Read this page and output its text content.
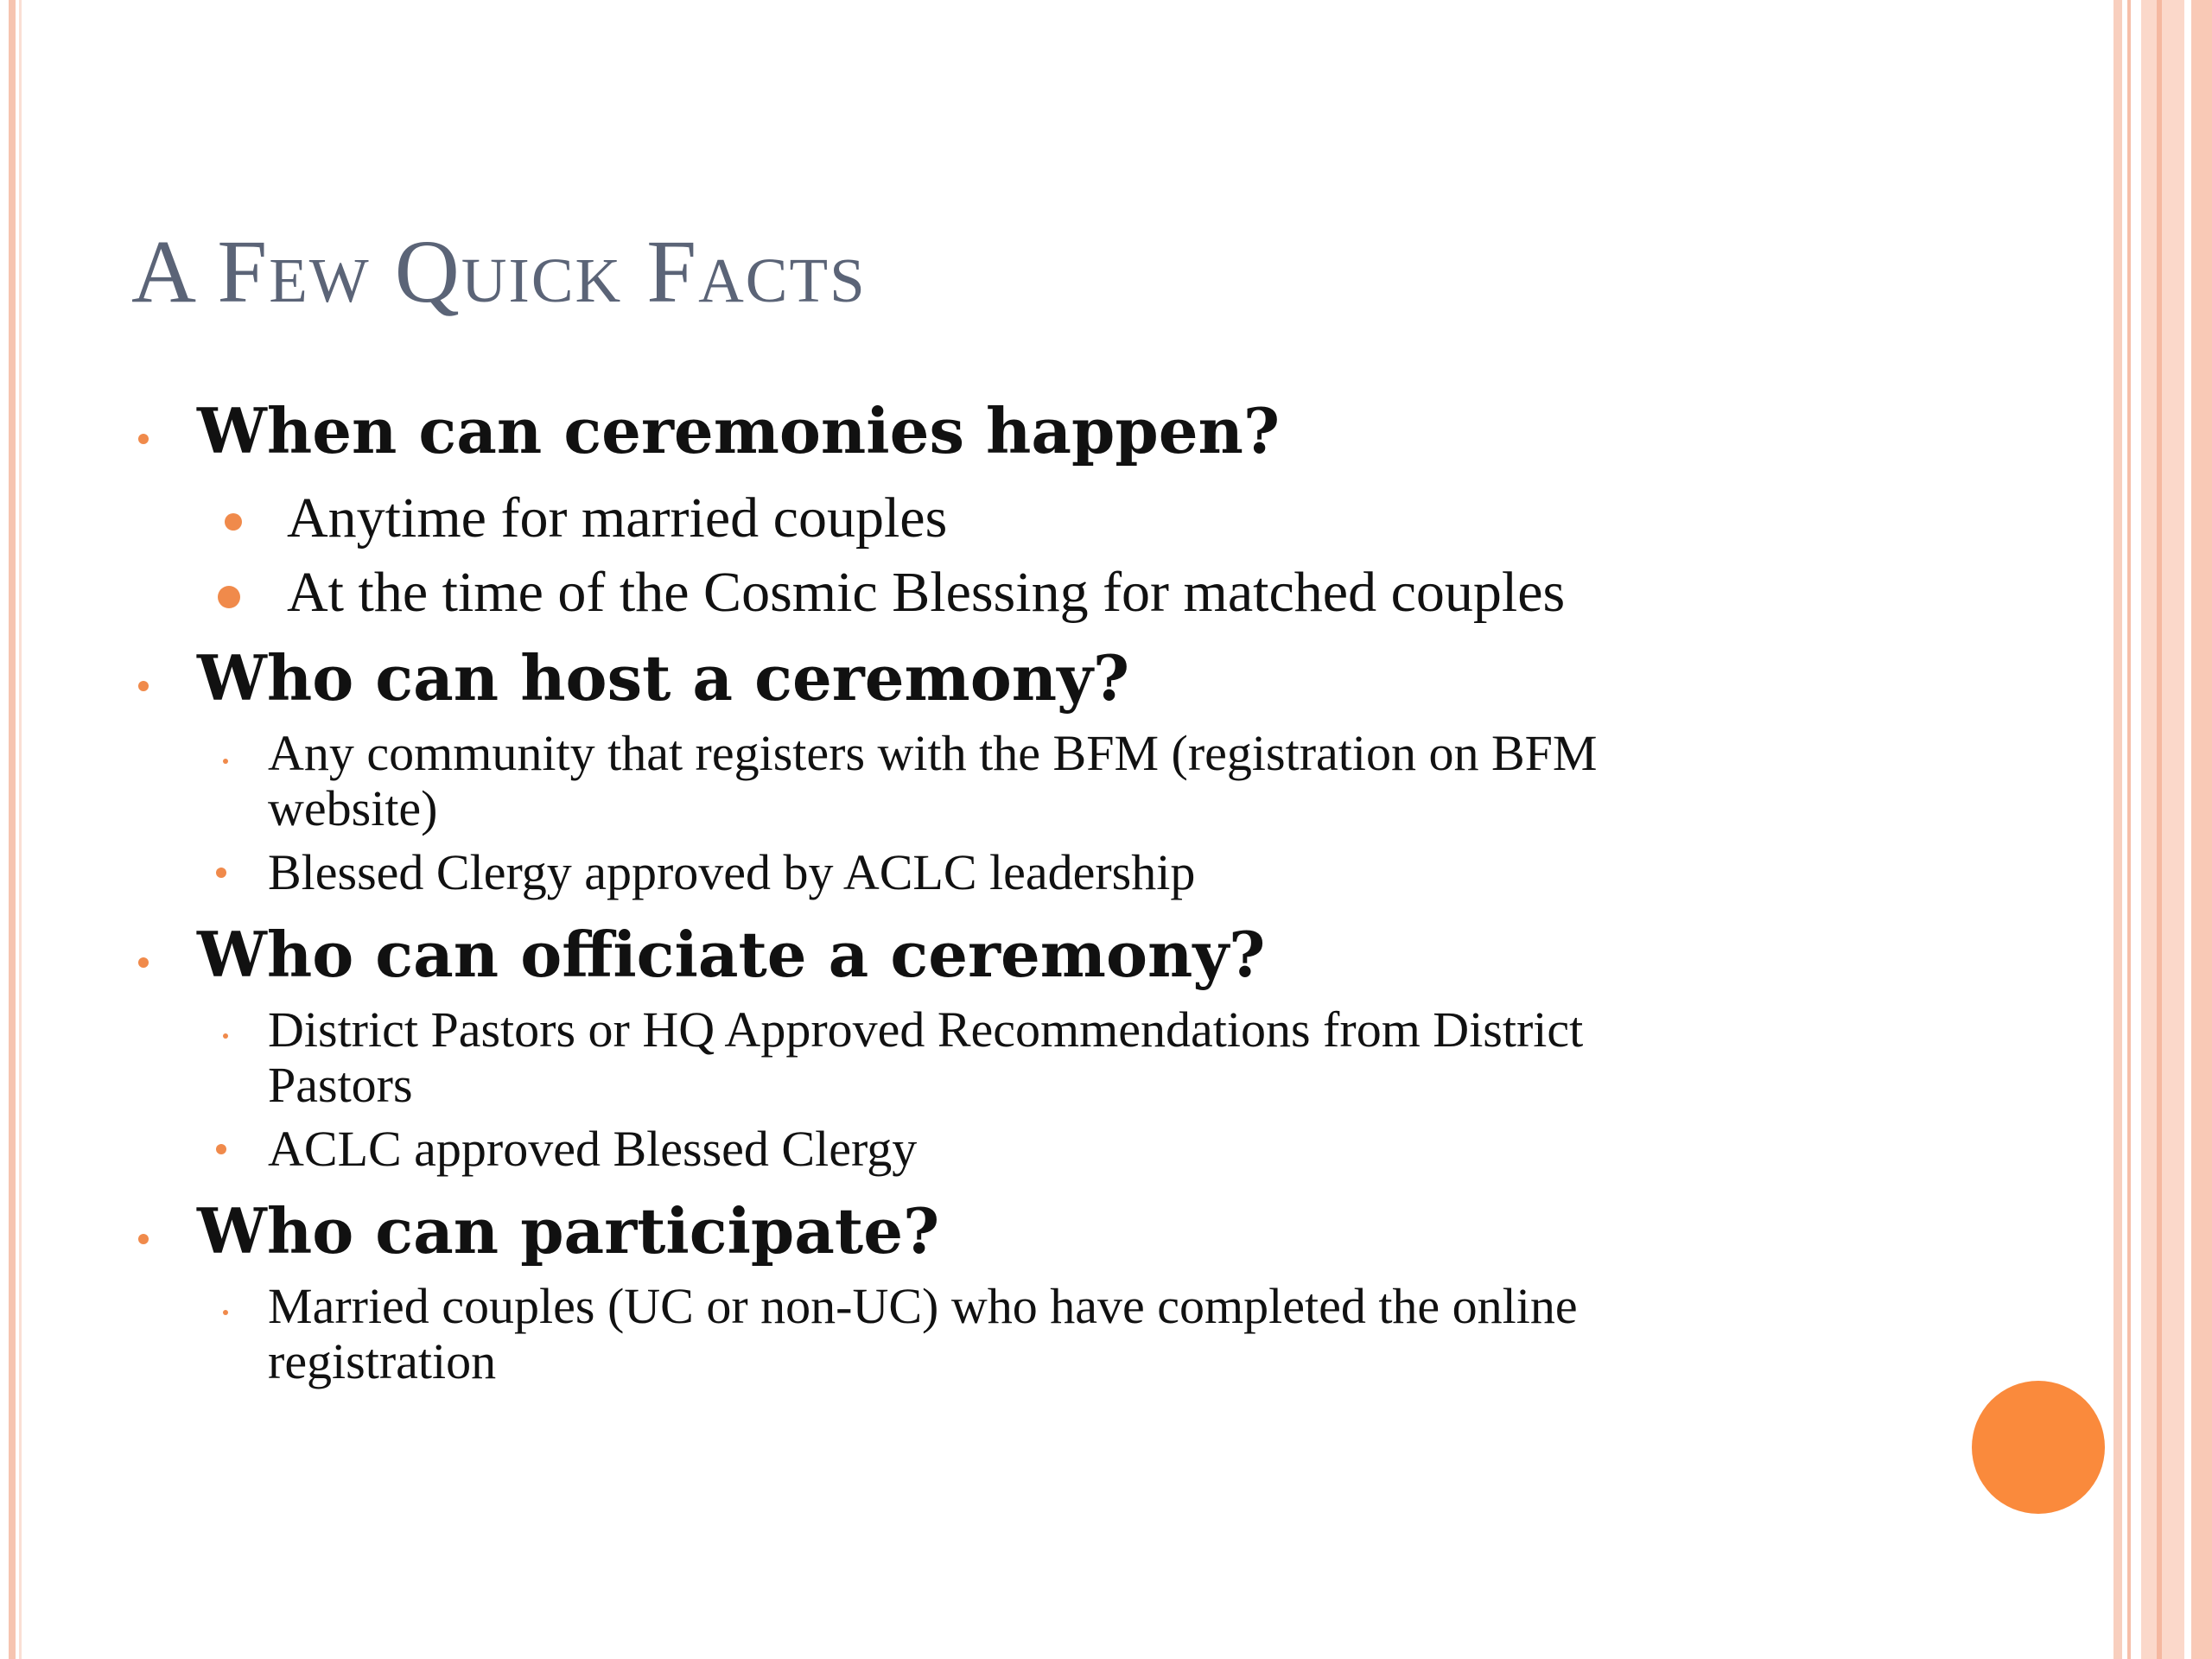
A Few Quick Facts
When can ceremonies happen?
Anytime for married couples
At the time of the Cosmic Blessing for matched couples
Who can host a ceremony?
Any community that registers with the BFM (registration on BFM
website)
Blessed Clergy approved by ACLC leadership
Who can officiate a ceremony?
District Pastors or HQ Approved Recommendations from District
Pastors
ACLC approved Blessed Clergy
Who can participate?
Married couples (UC or non-UC) who have completed the online
registration
